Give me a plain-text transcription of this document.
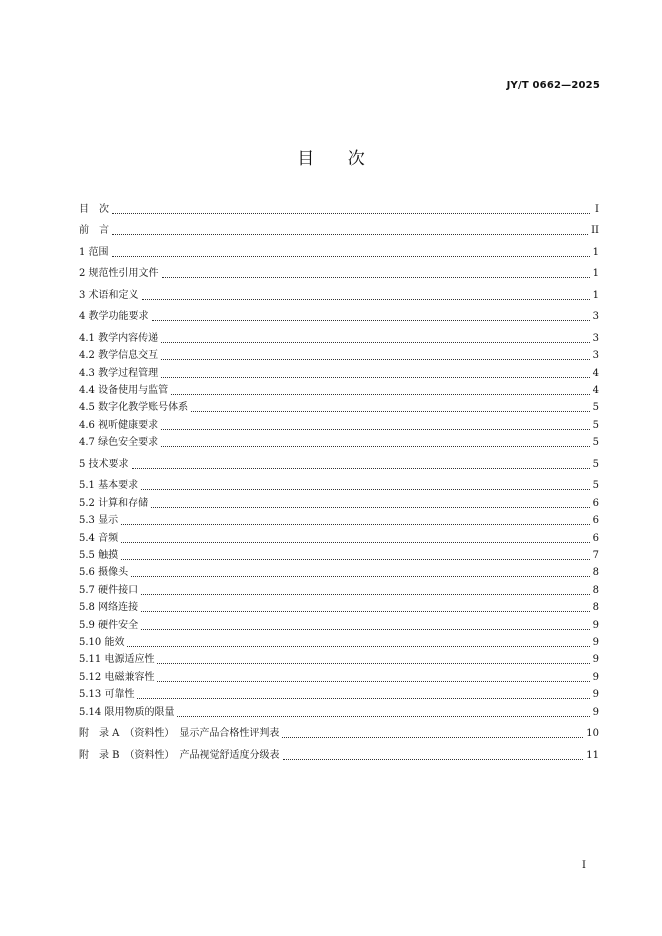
JY/T 0662—2025
目 次
目　次	I
前　言	II
1 范围	1
2 规范性引用文件	1
3 术语和定义	1
4 教学功能要求	3
4.1 教学内容传递	3
4.2 教学信息交互	3
4.3 教学过程管理	4
4.4 设备使用与监管	4
4.5 数字化教学账号体系	5
4.6 视听健康要求	5
4.7 绿色安全要求	5
5 技术要求	5
5.1 基本要求	5
5.2 计算和存储	6
5.3 显示	6
5.4 音频	6
5.5 触摸	7
5.6 摄像头	8
5.7 硬件接口	8
5.8 网络连接	8
5.9 硬件安全	9
5.10 能效	9
5.11 电源适应性	9
5.12 电磁兼容性	9
5.13 可靠性	9
5.14 限用物质的限量	9
附　录 A　（资料性）　显示产品合格性评判表	10
附　录 B　（资料性）　产品视觉舒适度分级表	11
I
